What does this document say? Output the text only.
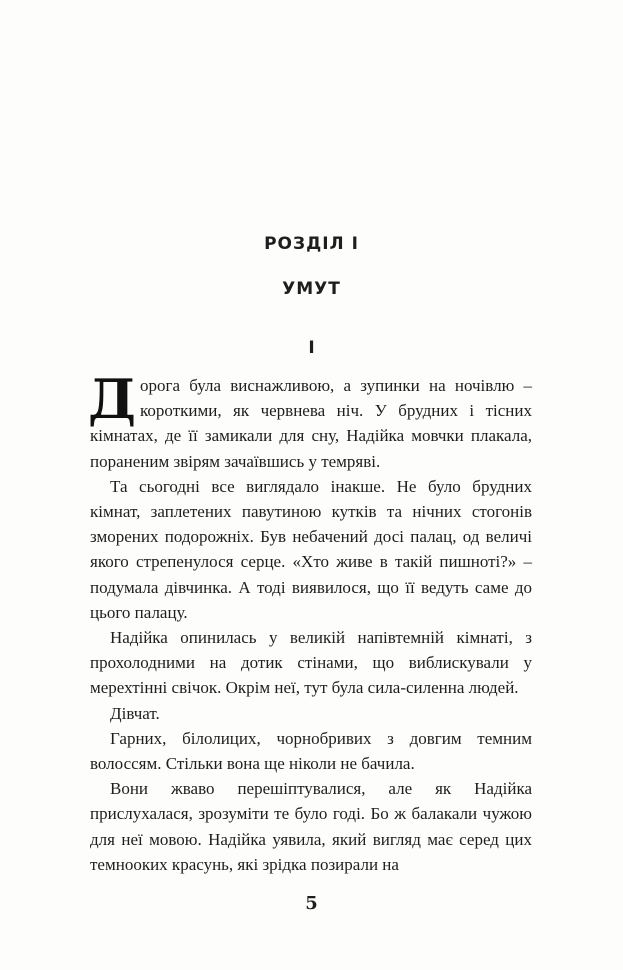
РОЗДІЛ І
УМУТ
І

Дорога була виснажливою, а зупинки на ночівлю – короткими, як червнева ніч. У брудних і тісних кімнатах, де її замикали для сну, Надійка мовчки плакала, пораненим звірям зачаївшись у темряві.

Та сьогодні все виглядало інакше. Не було брудних кімнат, заплетених павутиною кутків та нічних стогонів зморених подорожніх. Був небачений досі палац, од величі якого стрепенулося серце. «Хто живе в такій пишноті?» – подумала дівчинка. А тоді виявилося, що її ведуть саме до цього палацу.

Надійка опинилась у великій напівтемній кімнаті, з прохолодними на дотик стінами, що виблискували у мерехтінні свічок. Окрім неї, тут була сила-силенна людей.

Дівчат.

Гарних, білолицих, чорнобривих з довгим темним волоссям. Стільки вона ще ніколи не бачила.

Вони жваво перешіптувалися, але як Надійка прислухалася, зрозуміти те було годі. Бо ж балакали чужою для неї мовою. Надійка уявила, який вигляд має серед цих темнооких красунь, які зрідка позирали на

5
